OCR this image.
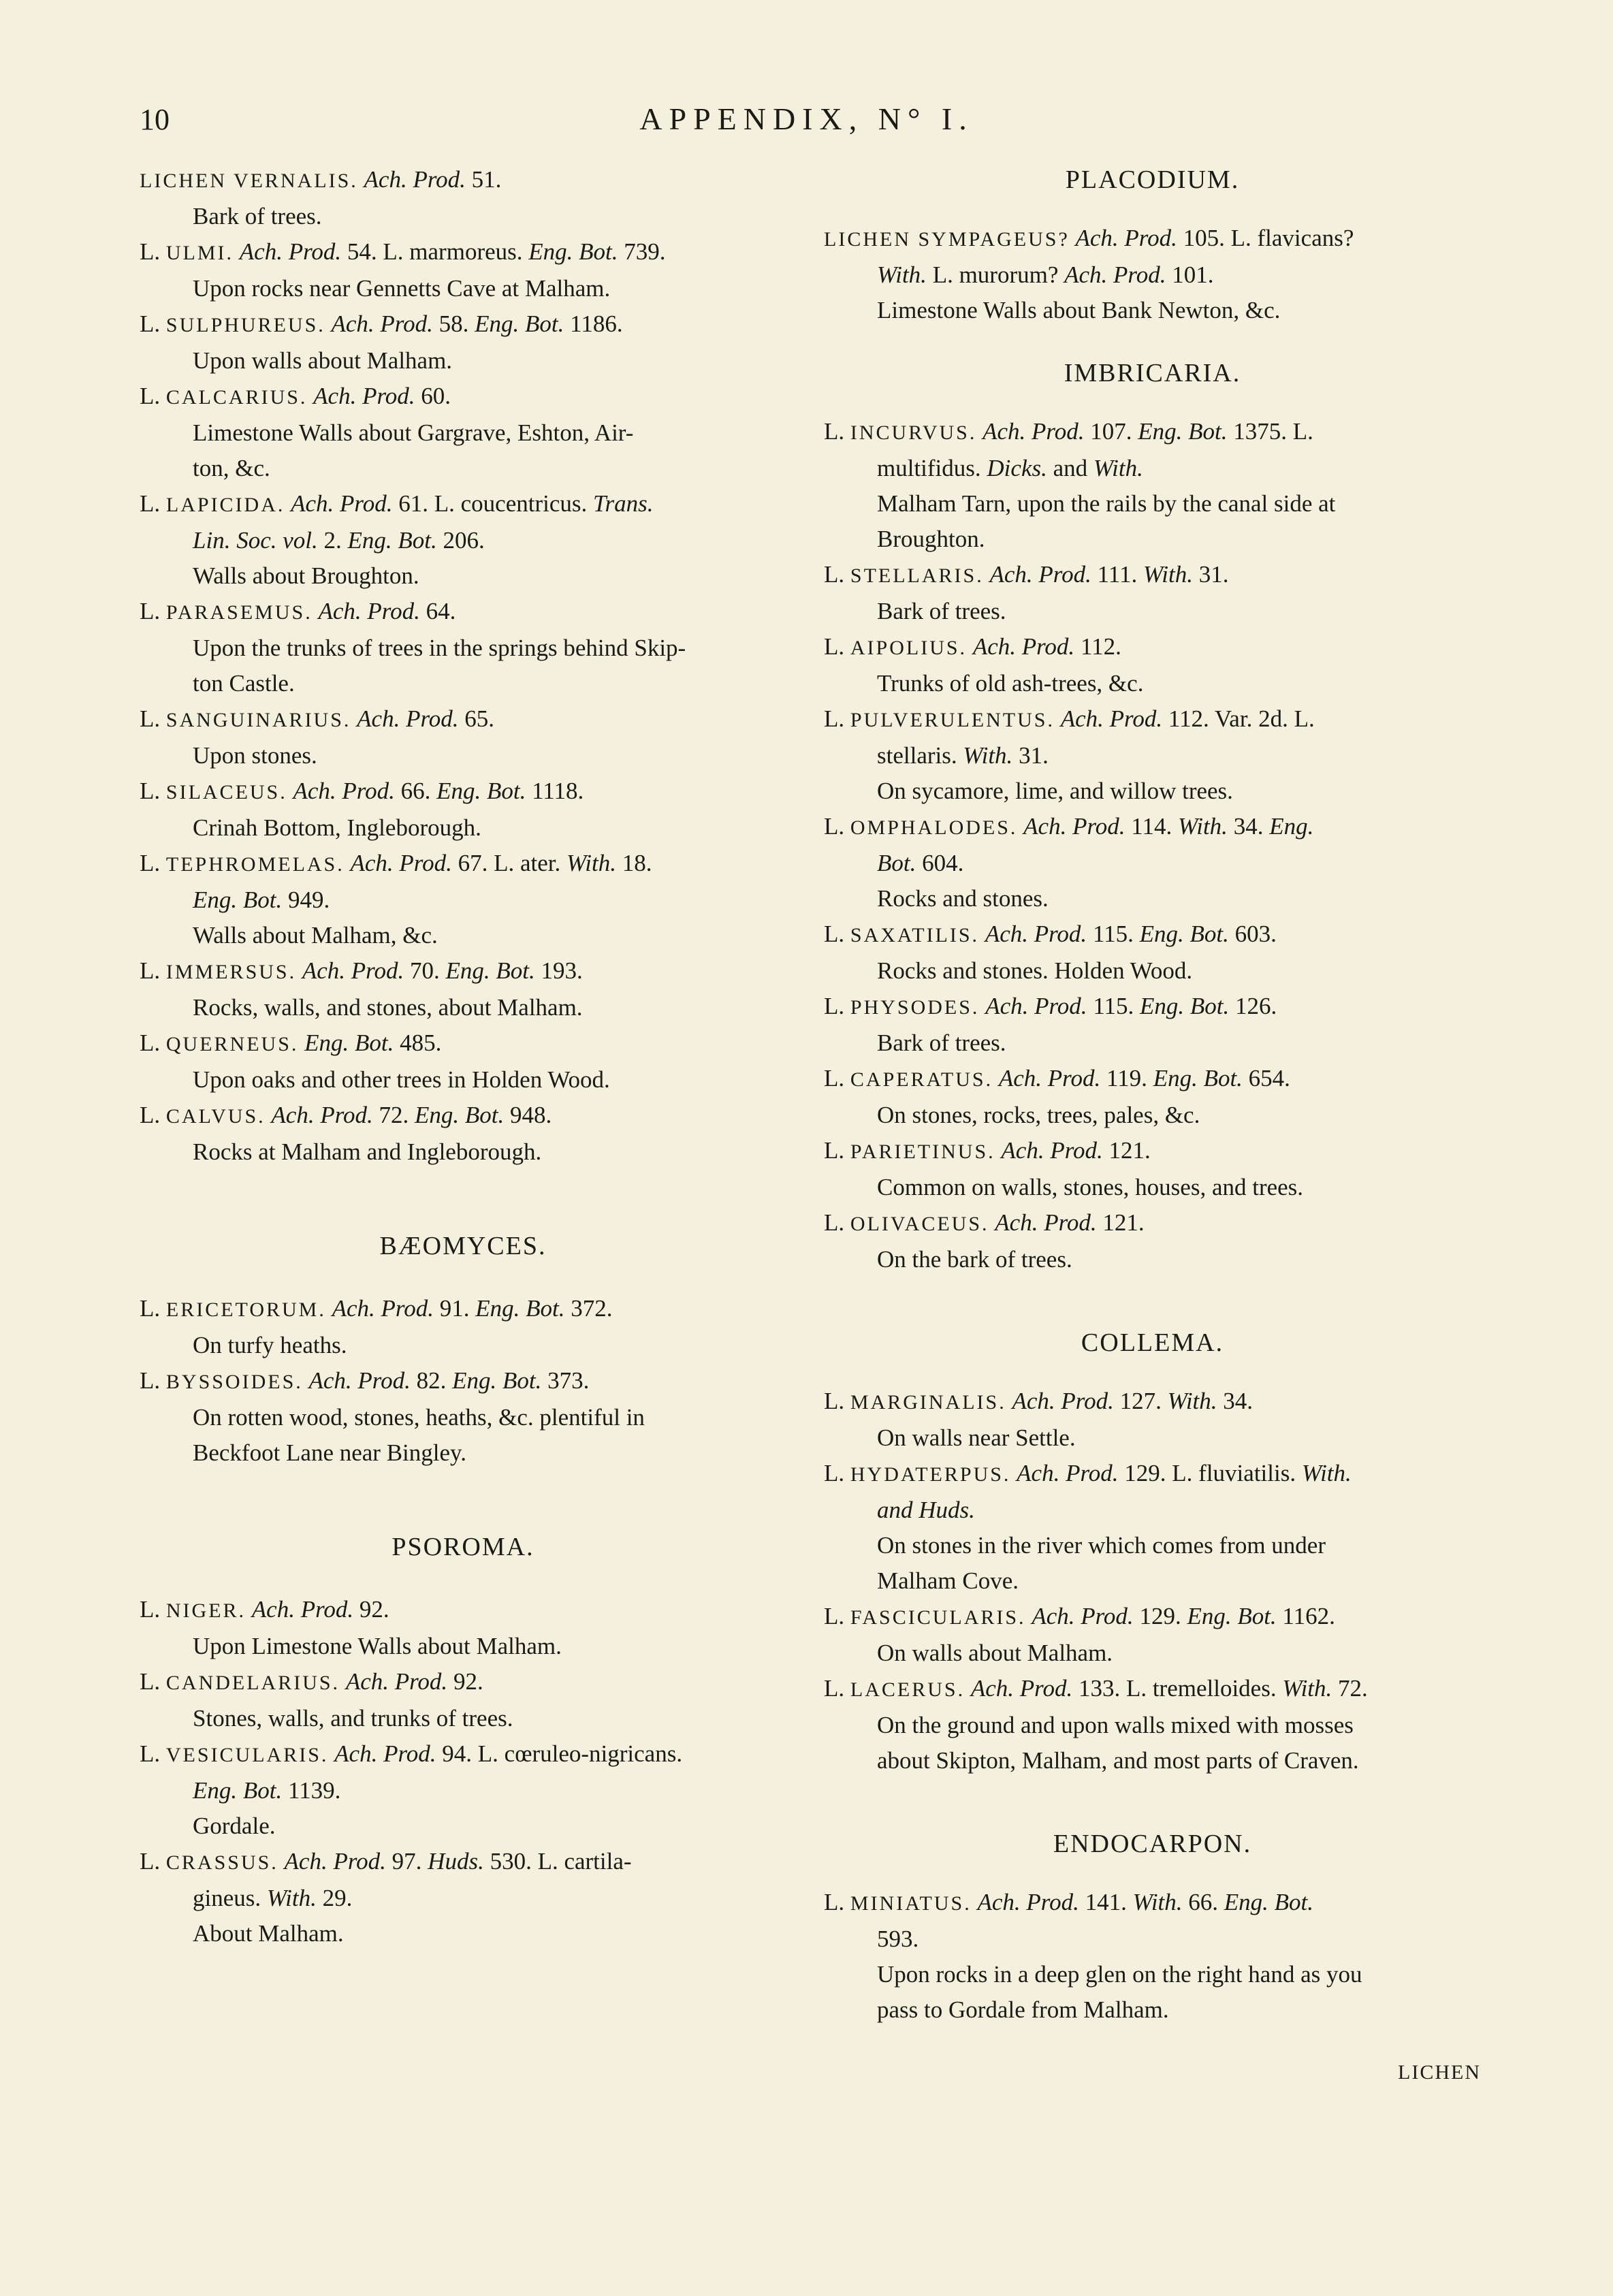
10	APPENDIX, N° I.
LICHEN VERNALIS. Ach. Prod. 51.
Bark of trees.
L. ULMI. Ach. Prod. 54. L. marmoreus. Eng. Bot. 739.
Upon rocks near Gennetts Cave at Malham.
L. SULPHUREUS. Ach. Prod. 58. Eng. Bot. 1186.
Upon walls about Malham.
L. CALCARIUS. Ach. Prod. 60.
Limestone Walls about Gargrave, Eshton, Air-
ton, &c.
L. LAPICIDA. Ach. Prod. 61. L. coucentricus. Trans.
Lin. Soc. vol. 2. Eng. Bot. 206.
Walls about Broughton.
L. PARASEMUS. Ach. Prod. 64.
Upon the trunks of trees in the springs behind Skip-
ton Castle.
L. SANGUINARIUS. Ach. Prod. 65.
Upon stones.
L. SILACEUS. Ach. Prod. 66. Eng. Bot. 1118.
Crinah Bottom, Ingleborough.
L. TEPHROMELAS. Ach. Prod. 67. L. ater. With. 18.
Eng. Bot. 949.
Walls about Malham, &c.
L. IMMERSUS. Ach. Prod. 70. Eng. Bot. 193.
Rocks, walls, and stones, about Malham.
L. QUERNEUS. Eng. Bot. 485.
Upon oaks and other trees in Holden Wood.
L. CALVUS. Ach. Prod. 72. Eng. Bot. 948.
Rocks at Malham and Ingleborough.
BÆOMYCES.
L. ERICETORUM. Ach. Prod. 91. Eng. Bot. 372.
On turfy heaths.
L. BYSSOIDES. Ach. Prod. 82. Eng. Bot. 373.
On rotten wood, stones, heaths, &c. plentiful in
Beckfoot Lane near Bingley.
PSOROMA.
L. NIGER. Ach. Prod. 92.
Upon Limestone Walls about Malham.
L. CANDELARIUS. Ach. Prod. 92.
Stones, walls, and trunks of trees.
L. VESICULARIS. Ach. Prod. 94. L. cœruleo-nigricans.
Eng. Bot. 1139.
Gordale.
L. CRASSUS. Ach. Prod. 97. Huds. 530. L. cartila-
gineus. With. 29.
About Malham.
PLACODIUM.
LICHEN SYMPAGEUS? Ach. Prod. 105. L. flavicans?
With. L. murorum? Ach. Prod. 101.
Limestone Walls about Bank Newton, &c.
IMBRICARIA.
L. INCURVUS. Ach. Prod. 107. Eng. Bot. 1375. L.
multifidus. Dicks. and With.
Malham Tarn, upon the rails by the canal side at
Broughton.
L. STELLARIS. Ach. Prod. 111. With. 31.
Bark of trees.
L. AIPOLIUS. Ach. Prod. 112.
Trunks of old ash-trees, &c.
L. PULVERULENTUS. Ach. Prod. 112. Var. 2d. L.
stellaris. With. 31.
On sycamore, lime, and willow trees.
L. OMPHALODES. Ach. Prod. 114. With. 34. Eng.
Bot. 604.
Rocks and stones.
L. SAXATILIS. Ach. Prod. 115. Eng. Bot. 603.
Rocks and stones. Holden Wood.
L. PHYSODES. Ach. Prod. 115. Eng. Bot. 126.
Bark of trees.
L. CAPERATUS. Ach. Prod. 119. Eng. Bot. 654.
On stones, rocks, trees, pales, &c.
L. PARIETINUS. Ach. Prod. 121.
Common on walls, stones, houses, and trees.
L. OLIVACEUS. Ach. Prod. 121.
On the bark of trees.
COLLEMA.
L. MARGINALIS. Ach. Prod. 127. With. 34.
On walls near Settle.
L. HYDATERPUS. Ach. Prod. 129. L. fluviatilis. With.
and Huds.
On stones in the river which comes from under
Malham Cove.
L. FASCICULARIS. Ach. Prod. 129. Eng. Bot. 1162.
On walls about Malham.
L. LACERUS. Ach. Prod. 133. L. tremelloides. With. 72.
On the ground and upon walls mixed with mosses
about Skipton, Malham, and most parts of Craven.
ENDOCARPON.
L. MINIATUS. Ach. Prod. 141. With. 66. Eng. Bot.
593.
Upon rocks in a deep glen on the right hand as you
pass to Gordale from Malham.
LICHEN
